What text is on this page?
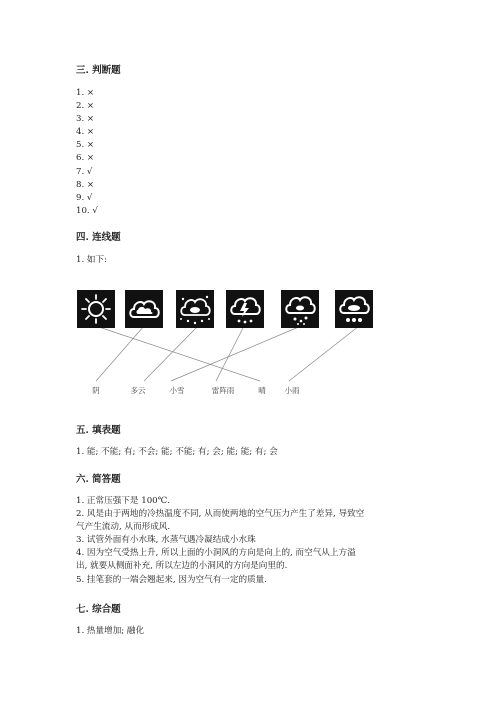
三. 判断题
1. ×
2. ×
3. ×
4. ×
5. ×
6. ×
7. √
8. ×
9. √
10. √
四. 连线题

1. 如下:

阴	多云	小雪	雷阵雨	晴	小雨
五. 填表题

1. 能; 不能; 有; 不会; 能; 不能; 有; 会; 能; 能; 有; 会

六. 简答题
1. 正常压强下是 100℃.
2. 风是由于两地的冷热温度不同, 从而使两地的空气压力产生了差异, 导致空
气产生流动, 从而形成风.
3. 试管外面有小水珠, 水蒸气遇冷凝结成小水珠
4. 因为空气受热上升, 所以上面的小洞风的方向是向上的, 而空气从上方溢
出, 就要从侧面补充, 所以左边的小洞风的方向是向里的.
5. 挂笔套的一端会翘起来, 因为空气有一定的质量.
七. 综合题

1. 热量增加; 融化
